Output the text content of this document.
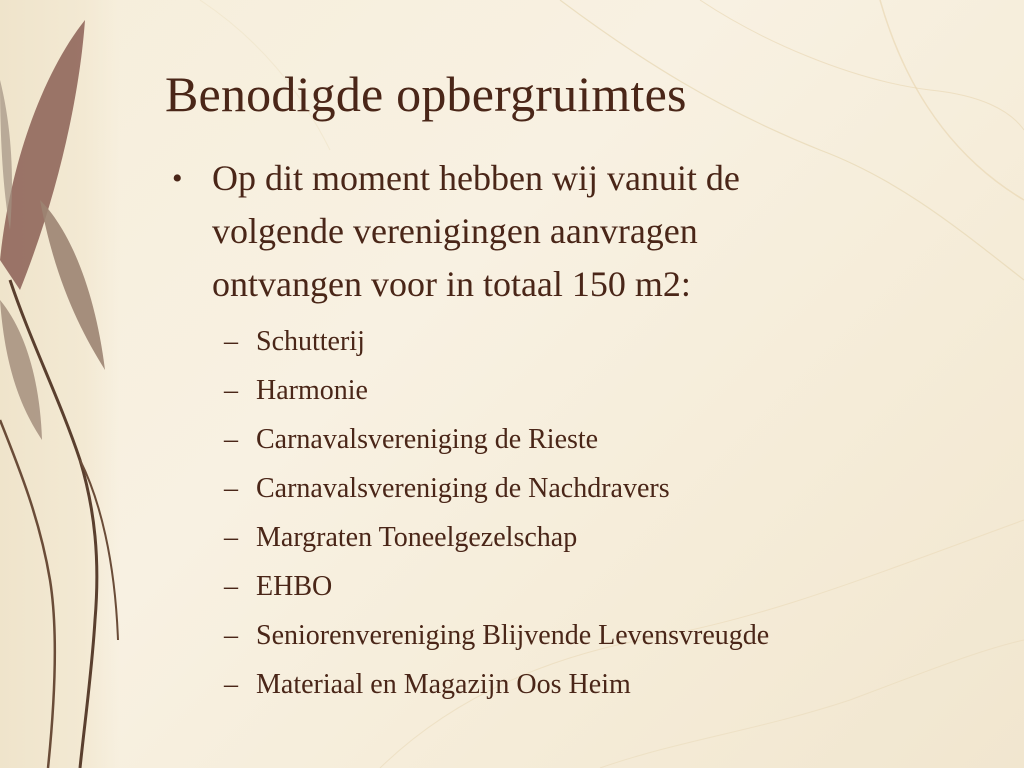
Benodigde opbergruimtes
• Op dit moment hebben wij vanuit de
volgende verenigingen aanvragen
ontvangen voor in totaal 150 m2:
– Schutterij
– Harmonie
– Carnavalsvereniging de Rieste
– Carnavalsvereniging de Nachdravers
– Margraten Toneelgezelschap
– EHBO
– Seniorenvereniging Blijvende Levensvreugde
– Materiaal en Magazijn Oos Heim
